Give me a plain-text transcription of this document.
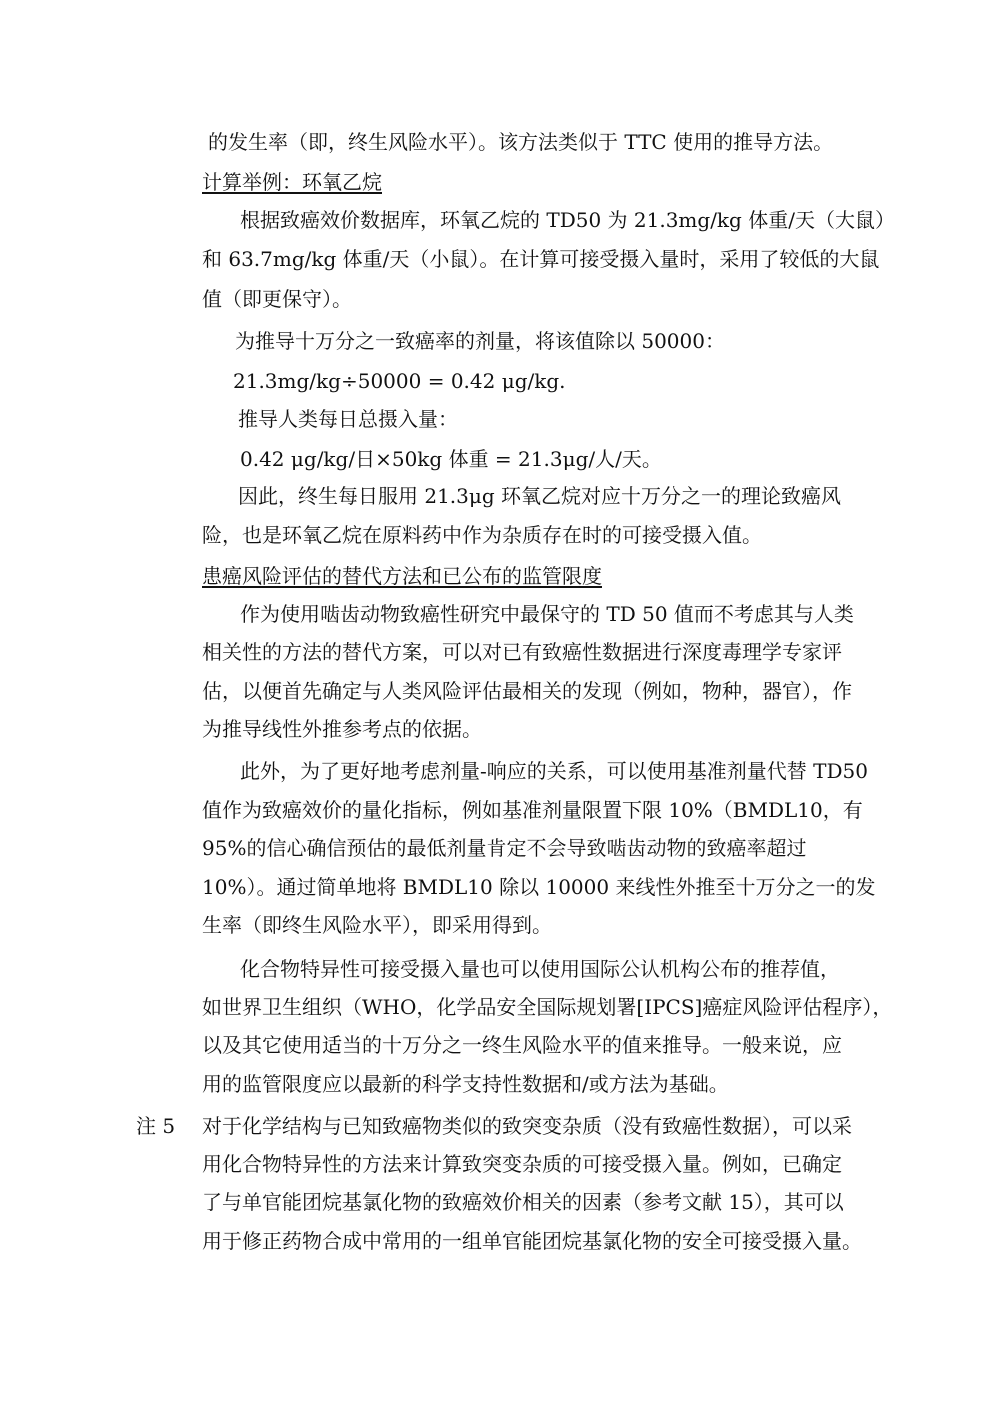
的发生率（即，终生风险水平）。该方法类似于 TTC 使用的推导方法。
计算举例：环氧乙烷
根据致癌效价数据库，环氧乙烷的 TD50 为 21.3mg/kg 体重/天（大鼠）
和 63.7mg/kg 体重/天（小鼠）。在计算可接受摄入量时，采用了较低的大鼠
值（即更保守）。
为推导十万分之一致癌率的剂量，将该值除以 50000：
21.3mg/kg÷50000 = 0.42 μg/kg.
推导人类每日总摄入量：
0.42 μg/kg/日×50kg 体重 = 21.3μg/人/天。
因此，终生每日服用 21.3μg 环氧乙烷对应十万分之一的理论致癌风
险，也是环氧乙烷在原料药中作为杂质存在时的可接受摄入值。
患癌风险评估的替代方法和已公布的监管限度
作为使用啮齿动物致癌性研究中最保守的 TD 50 值而不考虑其与人类
相关性的方法的替代方案，可以对已有致癌性数据进行深度毒理学专家评
估，以便首先确定与人类风险评估最相关的发现（例如，物种，器官），作
为推导线性外推参考点的依据。
此外，为了更好地考虑剂量-响应的关系，可以使用基准剂量代替 TD50
值作为致癌效价的量化指标，例如基准剂量限置下限 10%（BMDL10，有
95%的信心确信预估的最低剂量肯定不会导致啮齿动物的致癌率超过
10%）。通过简单地将 BMDL10 除以 10000 来线性外推至十万分之一的发
生率（即终生风险水平），即采用得到。
化合物特异性可接受摄入量也可以使用国际公认机构公布的推荐值，
如世界卫生组织（WHO，化学品安全国际规划署[IPCS]癌症风险评估程序），
以及其它使用适当的十万分之一终生风险水平的值来推导。一般来说，应
用的监管限度应以最新的科学支持性数据和/或方法为基础。
注 5 对于化学结构与已知致癌物类似的致突变杂质（没有致癌性数据），可以采
用化合物特异性的方法来计算致突变杂质的可接受摄入量。例如，已确定
了与单官能团烷基氯化物的致癌效价相关的因素（参考文献 15），其可以
用于修正药物合成中常用的一组单官能团烷基氯化物的安全可接受摄入量。
